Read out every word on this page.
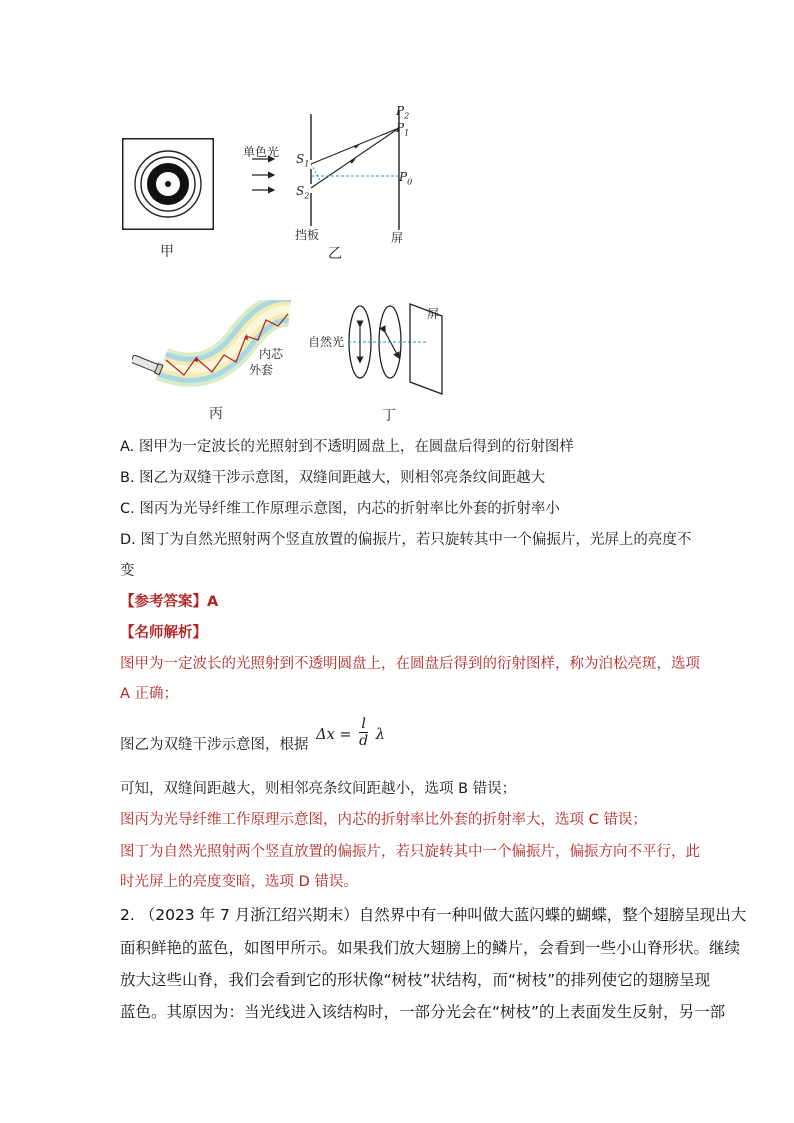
甲
单色光 $S_1$
$S_2$
$P_2$
$P_1$
$P_0$
挡板	屏
乙
内芯
外套
丙
自然光
屏
丁
A. 图甲为一定波长的光照射到不透明圆盘上，在圆盘后得到的衍射图样
B. 图乙为双缝干涉示意图，双缝间距越大，则相邻亮条纹间距越大
C. 图丙为光导纤维工作原理示意图，内芯的折射率比外套的折射率小
D. 图丁为自然光照射两个竖直放置的偏振片，若只旋转其中一个偏振片，光屏上的亮度不
变
【参考答案】A
【名师解析】
图甲为一定波长的光照射到不透明圆盘上，在圆盘后得到的衍射图样，称为泊松亮斑，选项
A 正确；
图乙为双缝干涉示意图，根据 $\Delta x = \frac{l}{d}$ λ
可知，双缝间距越大，则相邻亮条纹间距越小，选项 B 错误；
图丙为光导纤维工作原理示意图，内芯的折射率比外套的折射率大，选项 C 错误；
图丁为自然光照射两个竖直放置的偏振片，若只旋转其中一个偏振片，偏振方向不平行，此
时光屏上的亮度变暗，选项 D 错误。
2. （2023 年 7 月浙江绍兴期末）自然界中有一种叫做大蓝闪蝶的蝴蝶，整个翅膀呈现出大
面积鲜艳的蓝色，如图甲所示。如果我们放大翅膀上的鳞片，会看到一些小山脊形状。继续
放大这些山脊，我们会看到它的形状像“树枝”状结构，而“树枝”的排列使它的翅膀呈现
蓝色。其原因为：当光线进入该结构时，一部分光会在“树枝”的上表面发生反射，另一部
